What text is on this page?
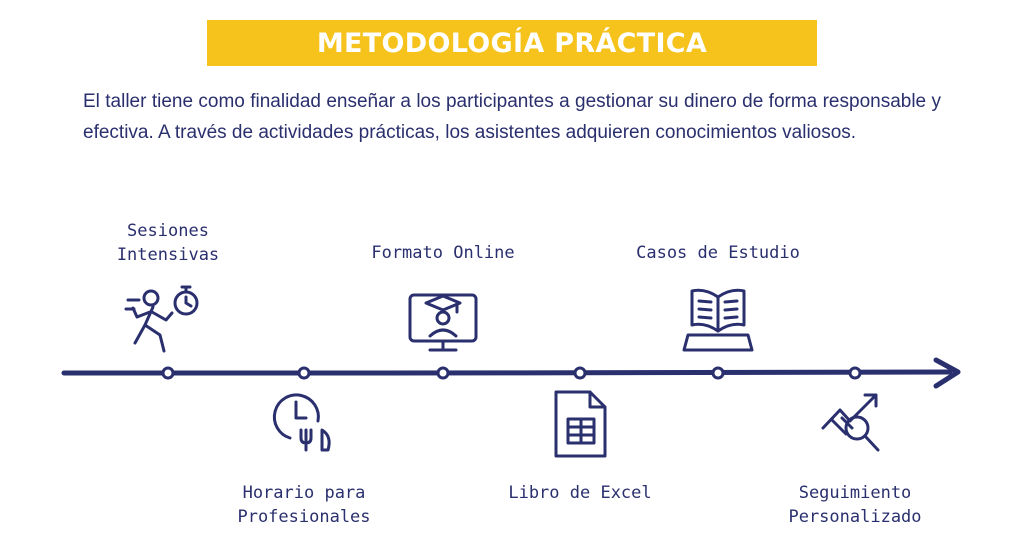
METODOLOGÍA PRÁCTICA

El taller tiene como finalidad enseñar a los participantes a gestionar su dinero de forma responsable y efectiva. A través de actividades prácticas, los asistentes adquieren conocimientos valiosos.

Sesiones
Intensivas
Horario para
Profesionales
Formato Online
Libro de Excel
Casos de Estudio
Seguimiento
Personalizado
